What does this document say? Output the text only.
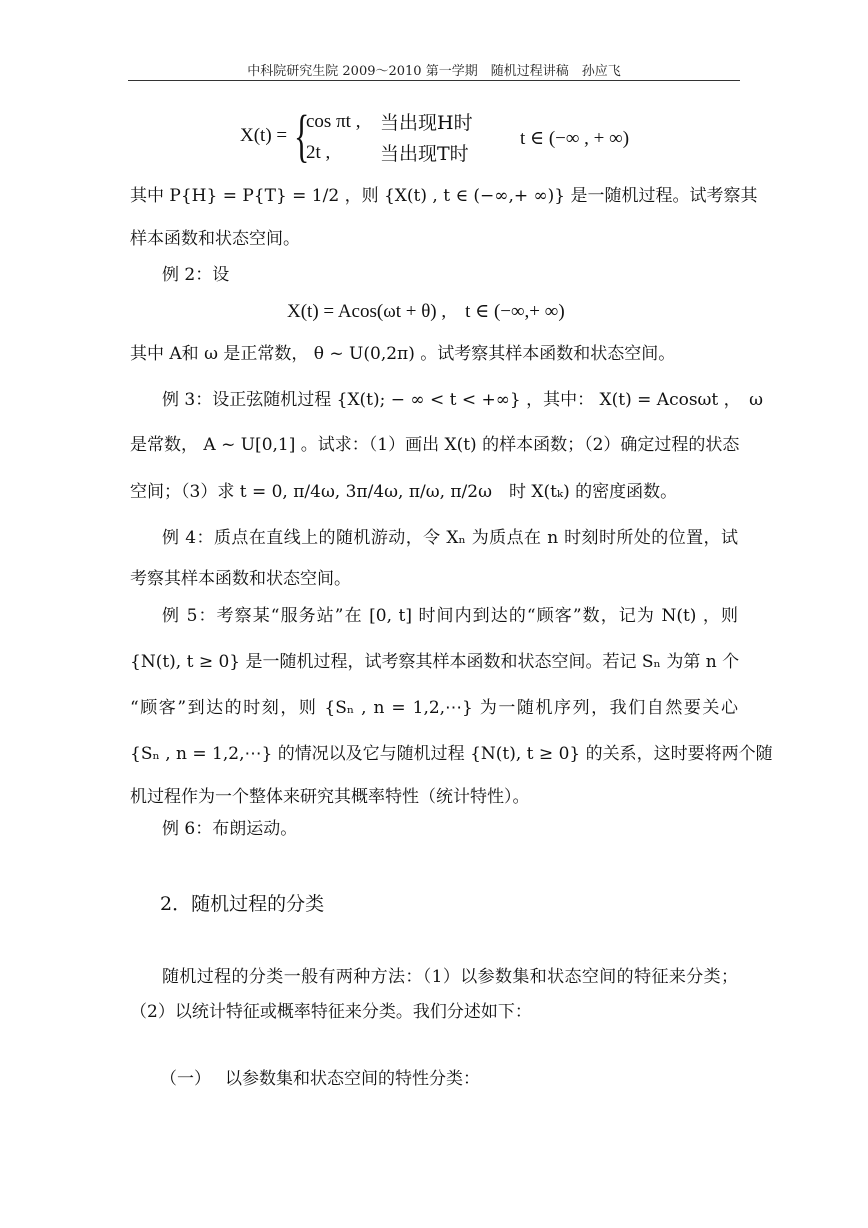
中科院研究生院 2009～2010 第一学期　随机过程讲稿　孙应飞
X(t) = {
cos πt , 当出现H时
2t ,	当出现T时
t ∈ (−∞ , + ∞)
其中 P{H} = P{T} = 1/2 ，则 {X(t) , t ∈ (−∞,+ ∞)} 是一随机过程。试考察其
样本函数和状态空间。
例 2：设
X(t) = Acos(ωt + θ) ,　t ∈ (−∞,+ ∞)
其中 A和 ω 是正常数， θ ~ U(0,2π) 。试考察其样本函数和状态空间。
例 3：设正弦随机过程 {X(t); − ∞ < t < +∞} ，其中： X(t) = Acosωt ，　ω
是常数， A ~ U[0,1] 。试求：（1）画出 X(t) 的样本函数；（2）确定过程的状态
空间；（3）求 t = 0, π/4ω, 3π/4ω, π/ω, π/2ω　时 X(tₖ) 的密度函数。
例 4：质点在直线上的随机游动，令 Xₙ 为质点在 n 时刻时所处的位置，试
考察其样本函数和状态空间。
例 5：考察某“服务站”在 [0, t] 时间内到达的“顾客”数，记为 N(t) ，则
{N(t), t ≥ 0} 是一随机过程，试考察其样本函数和状态空间。若记 Sₙ 为第 n 个
“顾客”到达的时刻，则 {Sₙ , n = 1,2,⋯} 为一随机序列，我们自然要关心
{Sₙ , n = 1,2,⋯} 的情况以及它与随机过程 {N(t), t ≥ 0} 的关系，这时要将两个随
机过程作为一个整体来研究其概率特性（统计特性）。
例 6：布朗运动。
2．随机过程的分类
随机过程的分类一般有两种方法：（1）以参数集和状态空间的特征来分类；
（2）以统计特征或概率特征来分类。我们分述如下：
（一） 以参数集和状态空间的特性分类：
